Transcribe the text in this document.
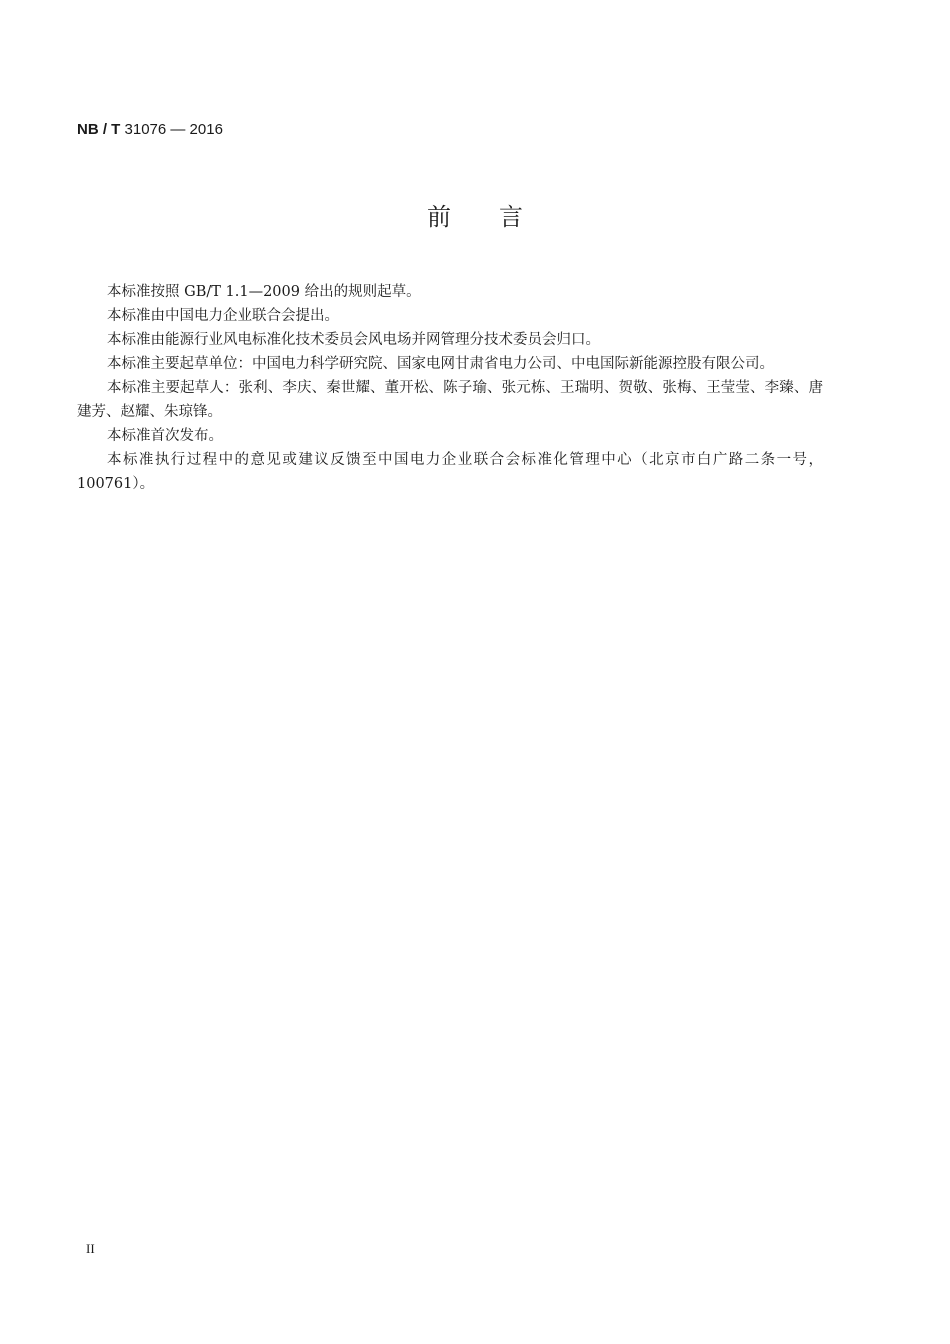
NB / T 31076 — 2016
前言

本标准按照 GB/T 1.1—2009 给出的规则起草。

本标准由中国电力企业联合会提出。

本标准由能源行业风电标准化技术委员会风电场并网管理分技术委员会归口。

本标准主要起草单位：中国电力科学研究院、国家电网甘肃省电力公司、中电国际新能源控股有限公司。

本标准主要起草人：张利、李庆、秦世耀、董开松、陈子瑜、张元栋、王瑞明、贺敬、张梅、王莹莹、李臻、唐建芳、赵耀、朱琼锋。

本标准首次发布。

本标准执行过程中的意见或建议反馈至中国电力企业联合会标准化管理中心（北京市白广路二条一号，100761）。

II
